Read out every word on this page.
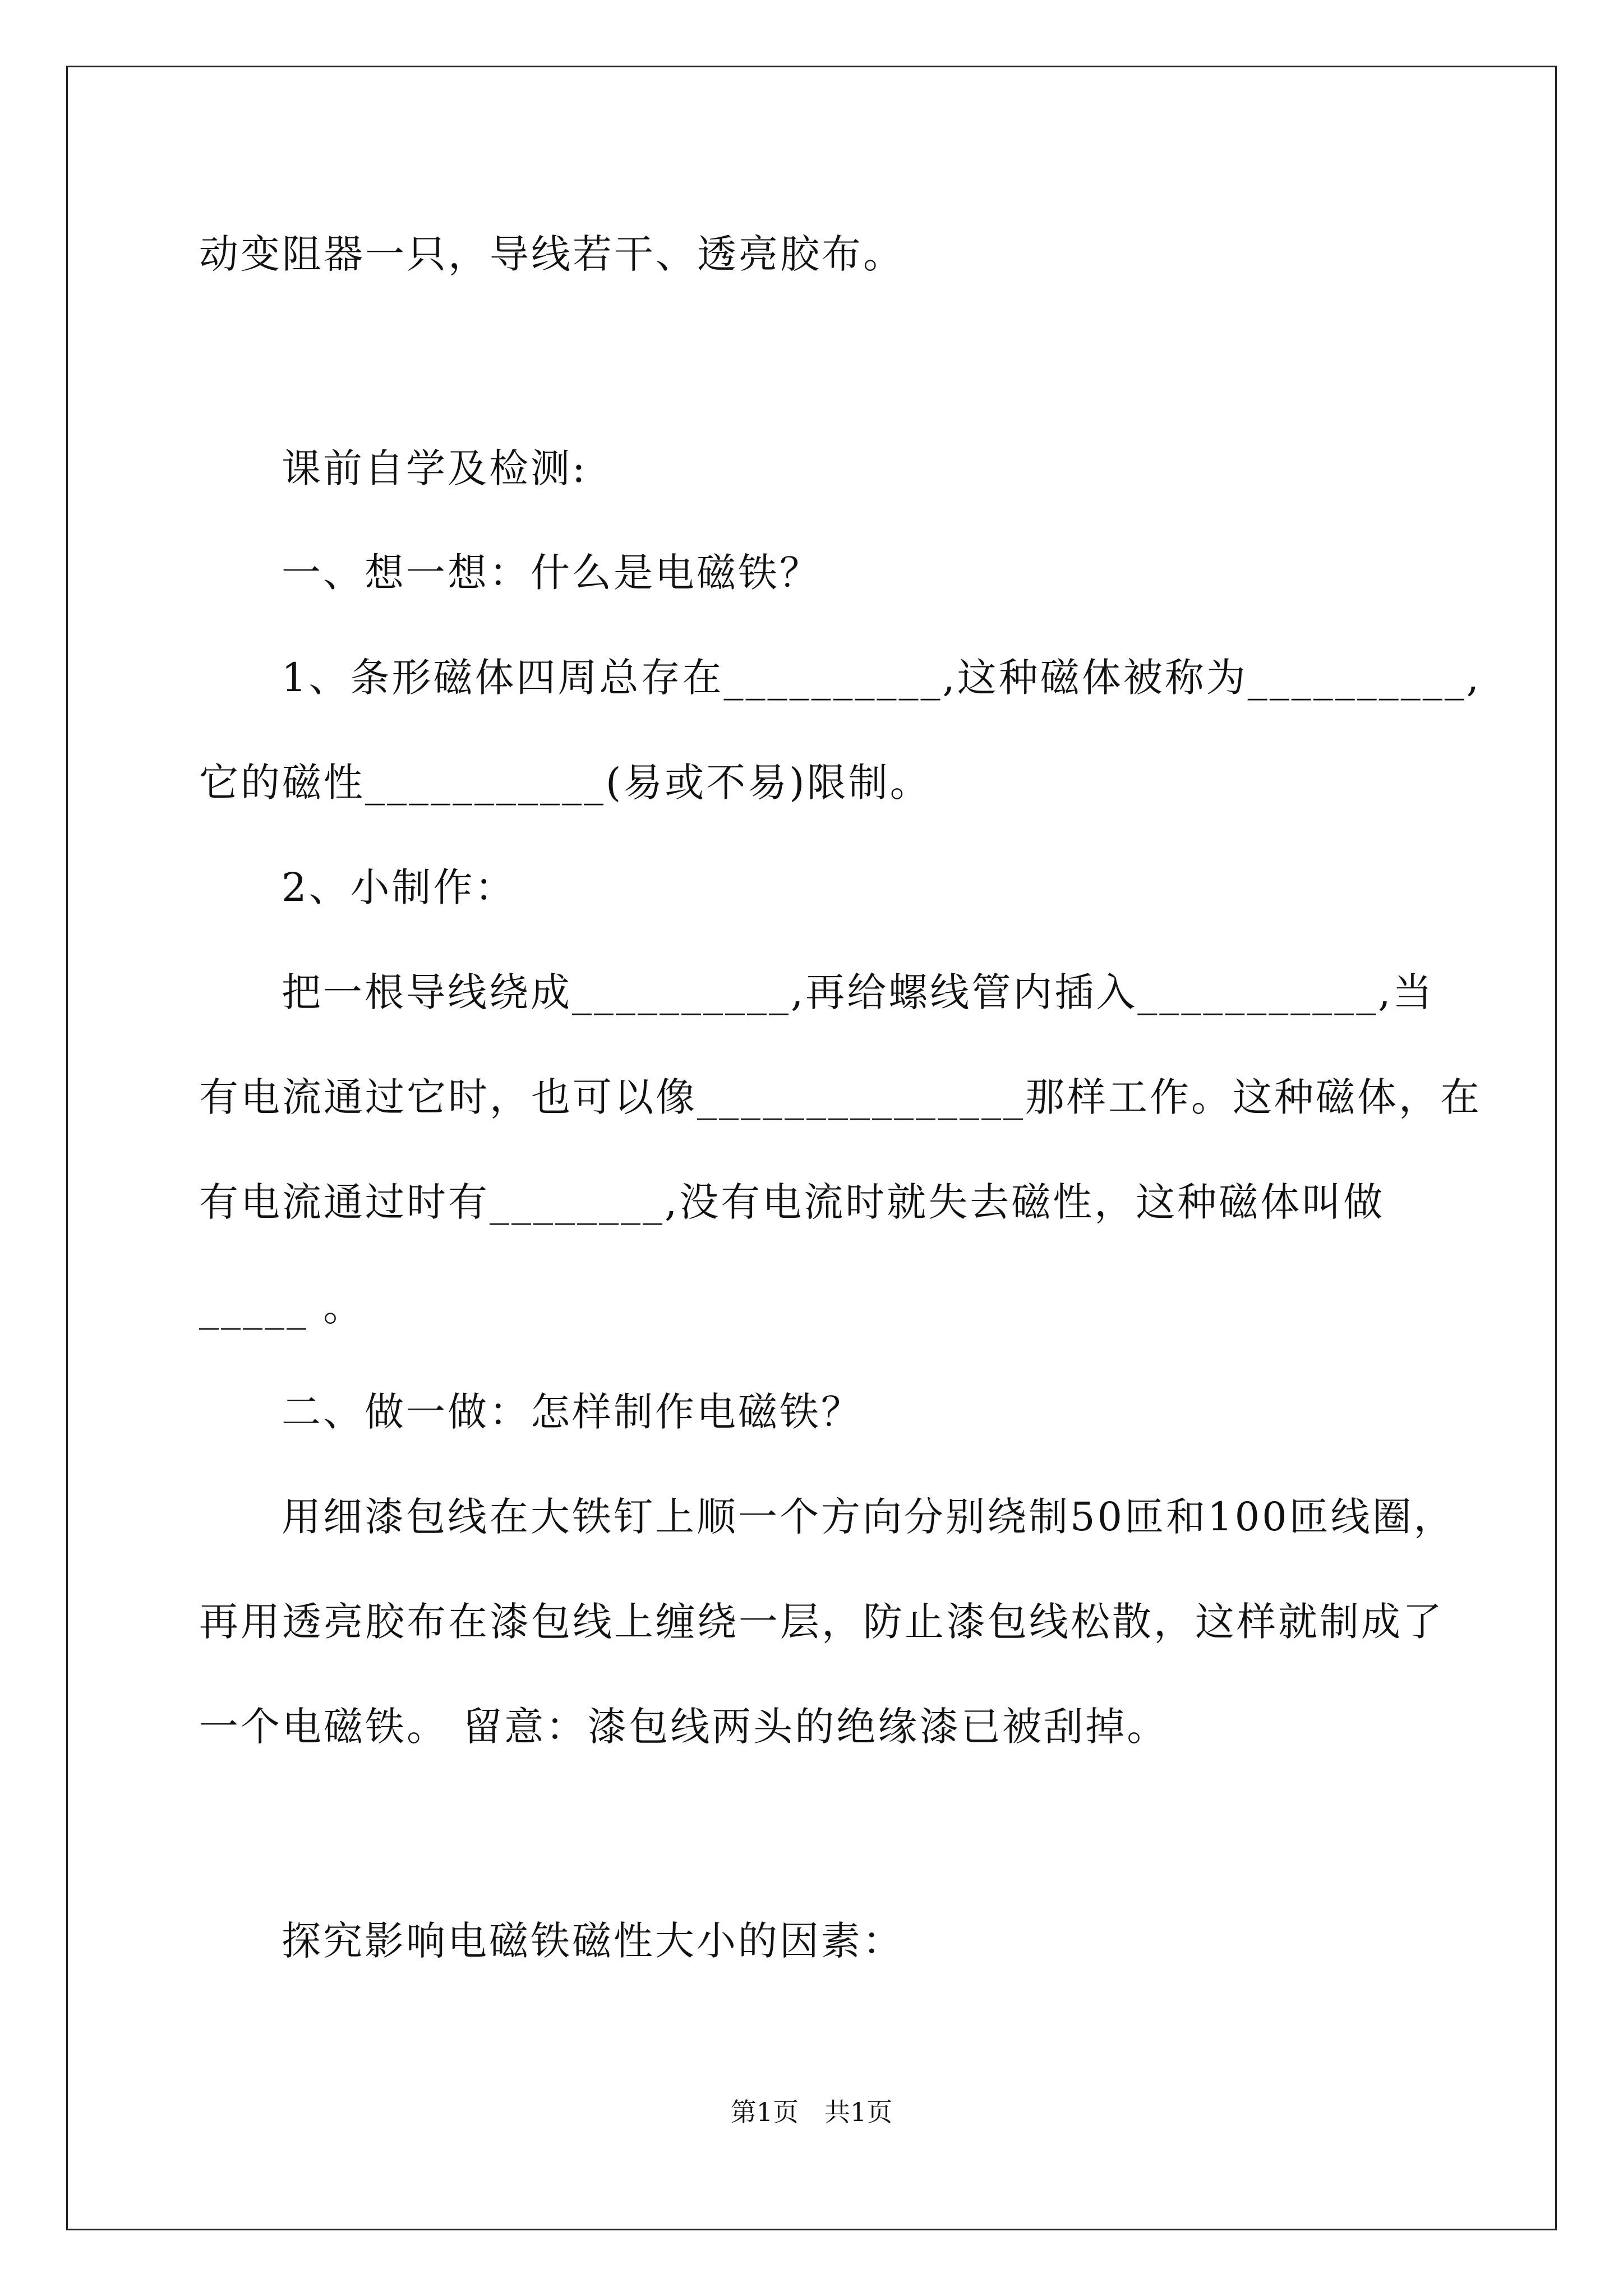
动变阻器一只，导线若干、透亮胶布。
课前自学及检测:
一、想一想：什么是电磁铁？
1、条形磁体四周总存在__________,这种磁体被称为__________,
它的磁性___________(易或不易)限制。
2、小制作：
把一根导线绕成__________,再给螺线管内插入___________,当
有电流通过它时，也可以像_______________那样工作。这种磁体，在
有电流通过时有________,没有电流时就失去磁性，这种磁体叫做
_____ 。
二、做一做：怎样制作电磁铁？
用细漆包线在大铁钉上顺一个方向分别绕制50匝和100匝线圈，
再用透亮胶布在漆包线上缠绕一层，防止漆包线松散，这样就制成了
一个电磁铁。 留意：漆包线两头的绝缘漆已被刮掉。
探究影响电磁铁磁性大小的因素：
第1页　共1页
